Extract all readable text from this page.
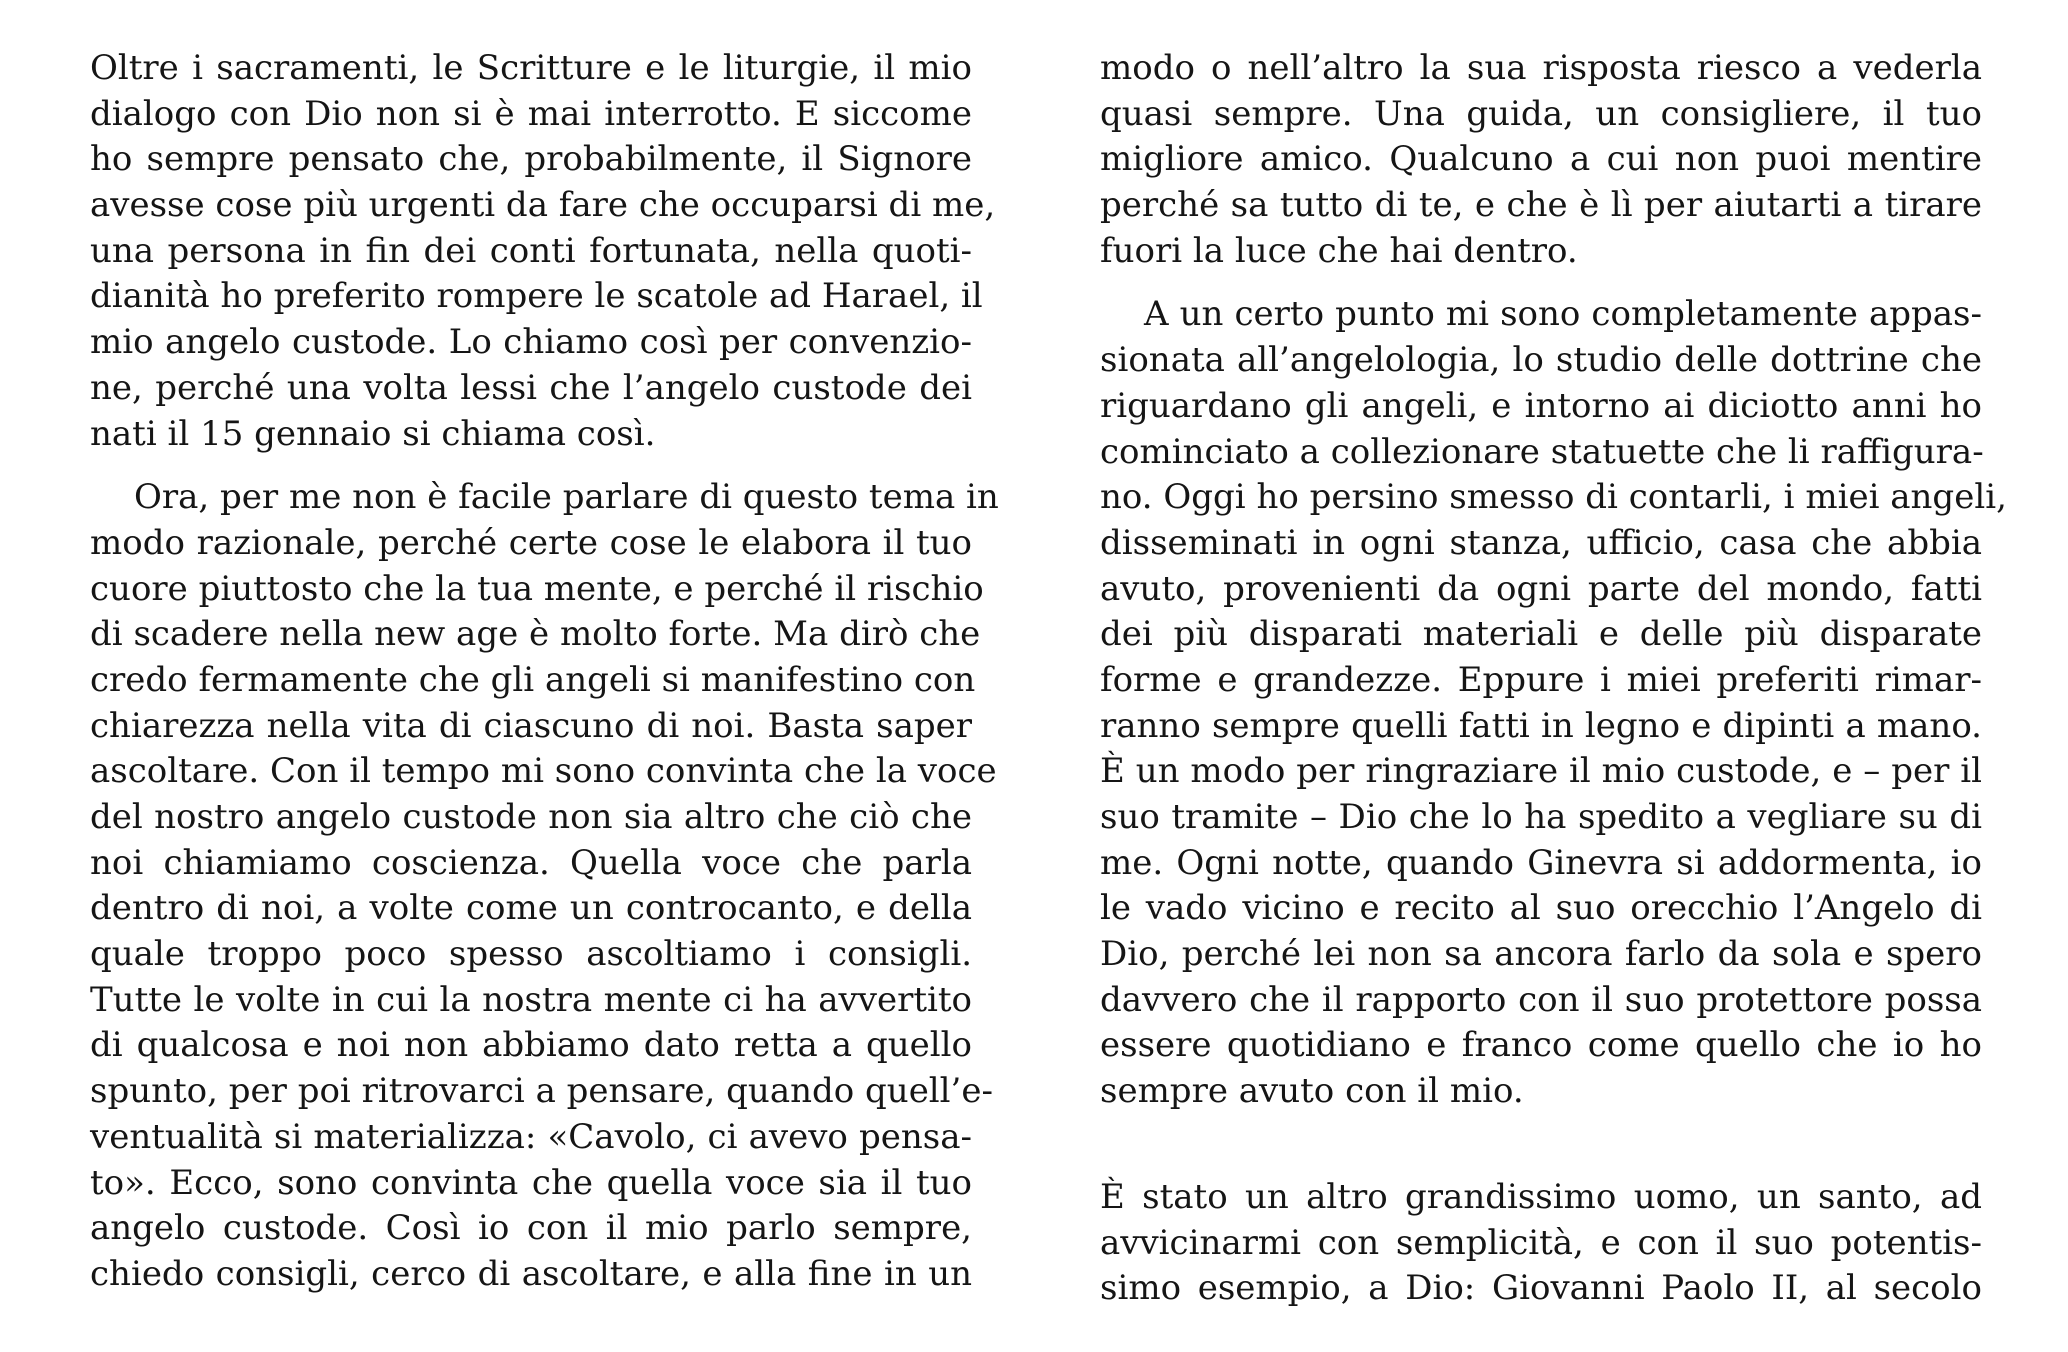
Oltre i sacramenti, le Scritture e le liturgie, il mio
dialogo con Dio non si è mai interrotto. E siccome
ho sempre pensato che, probabilmente, il Signore
avesse cose più urgenti da fare che occuparsi di me,
una persona in fin dei conti fortunata, nella quoti-
dianità ho preferito rompere le scatole ad Harael, il
mio angelo custode. Lo chiamo così per convenzio-
ne, perché una volta lessi che l’angelo custode dei
nati il 15 gennaio si chiama così.
Ora, per me non è facile parlare di questo tema in
modo razionale, perché certe cose le elabora il tuo
cuore piuttosto che la tua mente, e perché il rischio
di scadere nella new age è molto forte. Ma dirò che
credo fermamente che gli angeli si manifestino con
chiarezza nella vita di ciascuno di noi. Basta saper
ascoltare. Con il tempo mi sono convinta che la voce
del nostro angelo custode non sia altro che ciò che
noi chiamiamo coscienza. Quella voce che parla
dentro di noi, a volte come un controcanto, e della
quale troppo poco spesso ascoltiamo i consigli.
Tutte le volte in cui la nostra mente ci ha avvertito
di qualcosa e noi non abbiamo dato retta a quello
spunto, per poi ritrovarci a pensare, quando quell’e-
ventualità si materializza: «Cavolo, ci avevo pensa-
to». Ecco, sono convinta che quella voce sia il tuo
angelo custode. Così io con il mio parlo sempre,
chiedo consigli, cerco di ascoltare, e alla fine in un
modo o nell’altro la sua risposta riesco a vederla
quasi sempre. Una guida, un consigliere, il tuo
migliore amico. Qualcuno a cui non puoi mentire
perché sa tutto di te, e che è lì per aiutarti a tirare
fuori la luce che hai dentro.
A un certo punto mi sono completamente appas-
sionata all’angelologia, lo studio delle dottrine che
riguardano gli angeli, e intorno ai diciotto anni ho
cominciato a collezionare statuette che li raffigura-
no. Oggi ho persino smesso di contarli, i miei angeli,
disseminati in ogni stanza, ufficio, casa che abbia
avuto, provenienti da ogni parte del mondo, fatti
dei più disparati materiali e delle più disparate
forme e grandezze. Eppure i miei preferiti rimar-
ranno sempre quelli fatti in legno e dipinti a mano.
È un modo per ringraziare il mio custode, e – per il
suo tramite – Dio che lo ha spedito a vegliare su di
me. Ogni notte, quando Ginevra si addormenta, io
le vado vicino e recito al suo orecchio l’Angelo di
Dio, perché lei non sa ancora farlo da sola e spero
davvero che il rapporto con il suo protettore possa
essere quotidiano e franco come quello che io ho
sempre avuto con il mio.
È stato un altro grandissimo uomo, un santo, ad
avvicinarmi con semplicità, e con il suo potentis-
simo esempio, a Dio: Giovanni Paolo II, al secolo
